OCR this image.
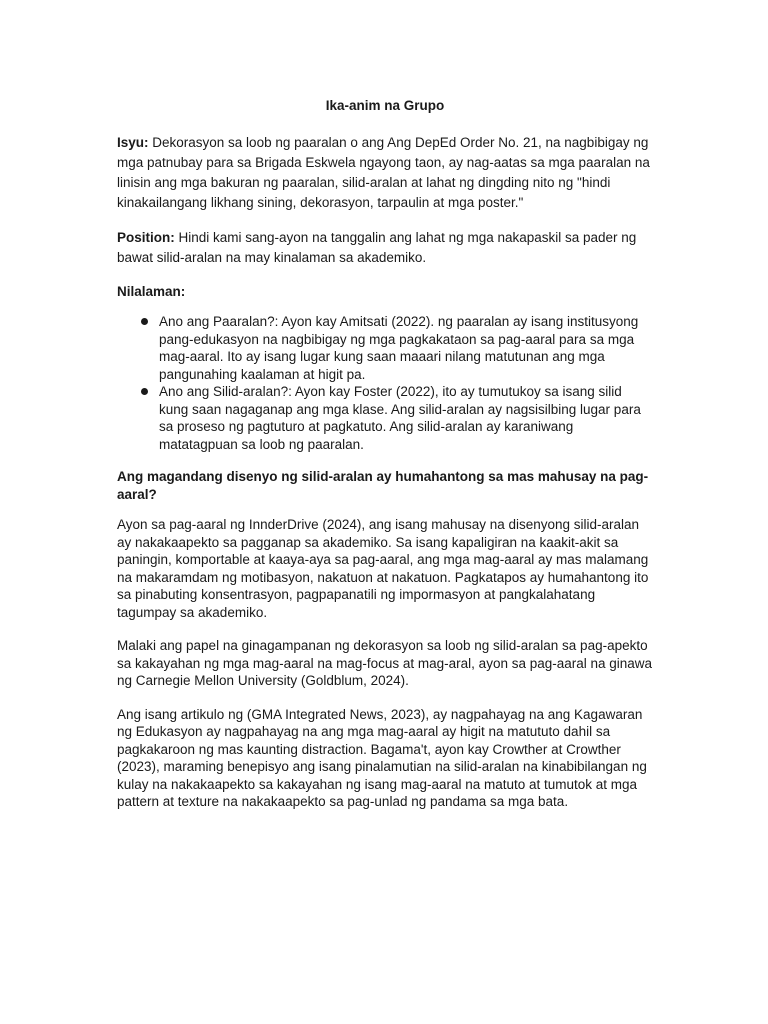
Ika-anim na Grupo

Isyu: Dekorasyon sa loob ng paaralan o ang Ang DepEd Order No. 21, na nagbibigay ng mga patnubay para sa Brigada Eskwela ngayong taon, ay nag-aatas sa mga paaralan na linisin ang mga bakuran ng paaralan, silid-aralan at lahat ng dingding nito ng "hindi kinakailangang likhang sining, dekorasyon, tarpaulin at mga poster."

Position: Hindi kami sang-ayon na tanggalin ang lahat ng mga nakapaskil sa pader ng bawat silid-aralan na may kinalaman sa akademiko.

Nilalaman:
Ano ang Paaralan?: Ayon kay Amitsati (2022). ng paaralan ay isang institusyong pang-edukasyon na nagbibigay ng mga pagkakataon sa pag-aaral para sa mga mag-aaral. Ito ay isang lugar kung saan maaari nilang matutunan ang mga pangunahing kaalaman at higit pa.
Ano ang Silid-aralan?: Ayon kay Foster (2022), ito ay tumutukoy sa isang silid kung saan nagaganap ang mga klase. Ang silid-aralan ay nagsisilbing lugar para sa proseso ng pagtuturo at pagkatuto. Ang silid-aralan ay karaniwang matatagpuan sa loob ng paaralan.
Ang magandang disenyo ng silid-aralan ay humahantong sa mas mahusay na pag-aaral?

Ayon sa pag-aaral ng InnderDrive (2024), ang isang mahusay na disenyong silid-aralan ay nakakaapekto sa pagganap sa akademiko. Sa isang kapaligiran na kaakit-akit sa paningin, komportable at kaaya-aya sa pag-aaral, ang mga mag-aaral ay mas malamang na makaramdam ng motibasyon, nakatuon at nakatuon. Pagkatapos ay humahantong ito sa pinabuting konsentrasyon, pagpapanatili ng impormasyon at pangkalahatang tagumpay sa akademiko.

Malaki ang papel na ginagampanan ng dekorasyon sa loob ng silid-aralan sa pag-apekto sa kakayahan ng mga mag-aaral na mag-focus at mag-aral, ayon sa pag-aaral na ginawa ng Carnegie Mellon University (Goldblum, 2024).

Ang isang artikulo ng (GMA Integrated News, 2023), ay nagpahayag na ang Kagawaran ng Edukasyon ay nagpahayag na ang mga mag-aaral ay higit na matututo dahil sa pagkakaroon ng mas kaunting distraction. Bagama't, ayon kay Crowther at Crowther (2023), maraming benepisyo ang isang pinalamutian na silid-aralan na kinabibilangan ng kulay na nakakaapekto sa kakayahan ng isang mag-aaral na matuto at tumutok at mga pattern at texture na nakakaapekto sa pag-unlad ng pandama sa mga bata.
